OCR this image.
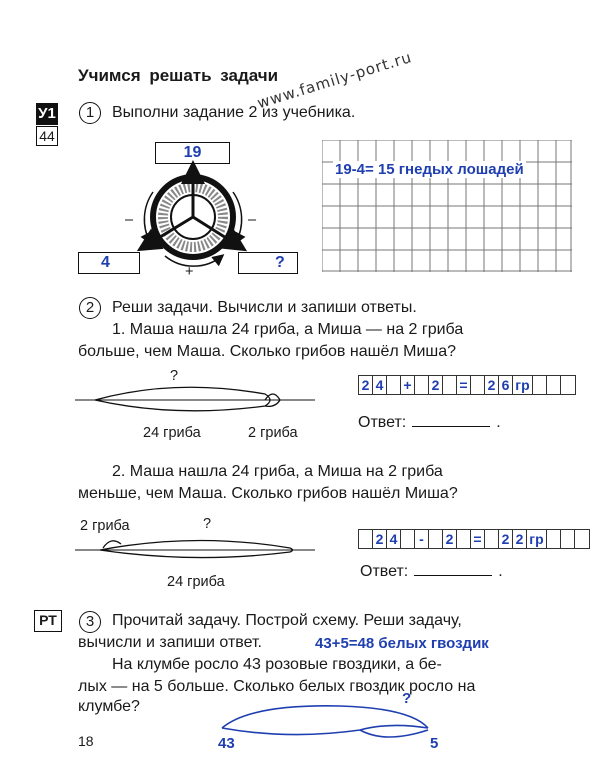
Учимся решать задачи
www.family-port.ru
У1
44
1	Выполни задание 2 из учебника.
19
4	?
–	–
+
19-4= 15 гнедых лошадей
2	Реши задачи. Вычисли и запиши ответы.
1. Маша нашла 24 гриба, а Миша — на 2 гриба
больше, чем Маша. Сколько грибов нашёл Миша?
?
24 гриба	2 гриба
2 4 + 2 = 2 6 гр
Ответ:	.
2. Маша нашла 24 гриба, а Миша на 2 гриба
меньше, чем Маша. Сколько грибов нашёл Миша?
2 гриба	?
24 гриба
2 4 -	2 = 2 2 гр
Ответ:	.
РТ	3	Прочитай задачу. Построй схему. Реши задачу,
вычисли и запиши ответ.	43+5=48 белых гвоздик
На клумбе росло 43 розовые гвоздики, а бе-
лых — на 5 больше. Сколько белых гвоздик росло на
клумбе?	?
43	5
18
